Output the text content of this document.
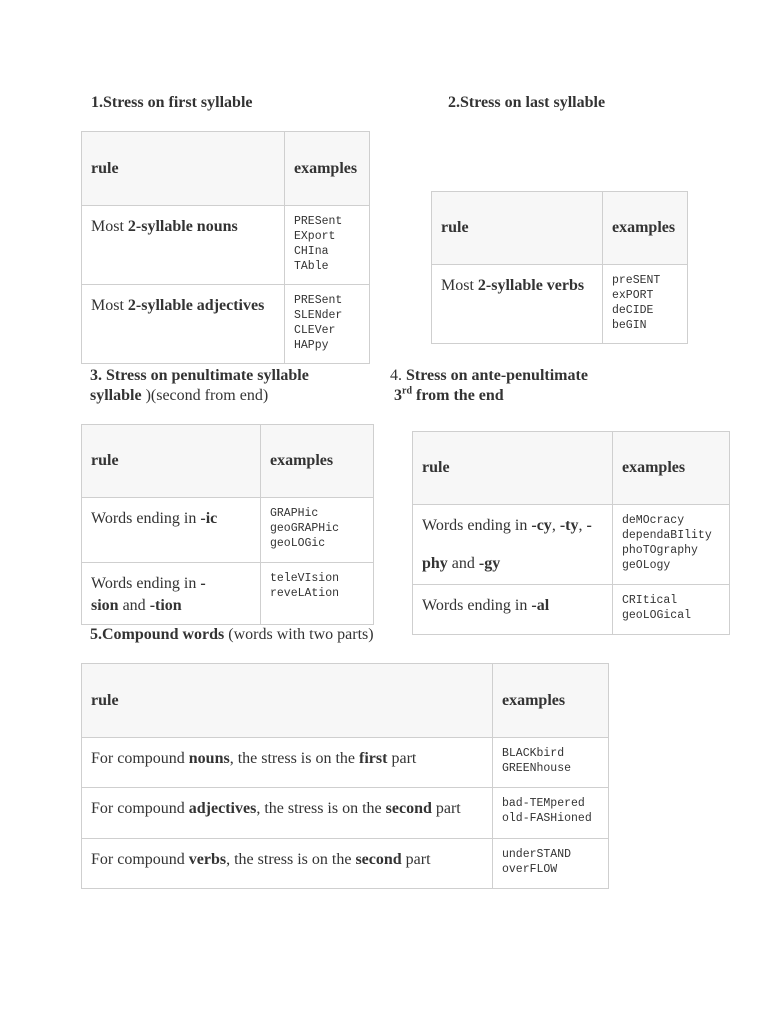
1.Stress on first syllable	2.Stress on last syllable
rule	examples
Most 2-syllable nouns	PRESent
EXport
CHIna
TAble

Most 2-syllable adjectives	PRESent
SLENder
CLEVer
HAPpy
rule	examples
Most 2-syllable verbs	preSENT
exPORT
deCIDE
beGIN
3. Stress on penultimate syllable
syllable )(second from end)
4. Stress on ante-penultimate
3rd from the end
rule	examples
Words ending in -ic	GRAPHic
geoGRAPHic
geoLOGic

Words ending in -
sion and -tion	teleVIsion
reveLAtion
rule	examples
Words ending in -cy, -ty, -
phy and -gy	deMOcracy
dependaBIlity
phoTOgraphy
geOLogy

Words ending in -al	CRItical
geoLOGical
5.Compound words (words with two parts)
rule	examples
For compound nouns, the stress is on the first part	BLACKbird
GREENhouse

For compound adjectives, the stress is on the second part	bad-TEMpered
old-FASHioned

For compound verbs, the stress is on the second part	underSTAND
overFLOW
